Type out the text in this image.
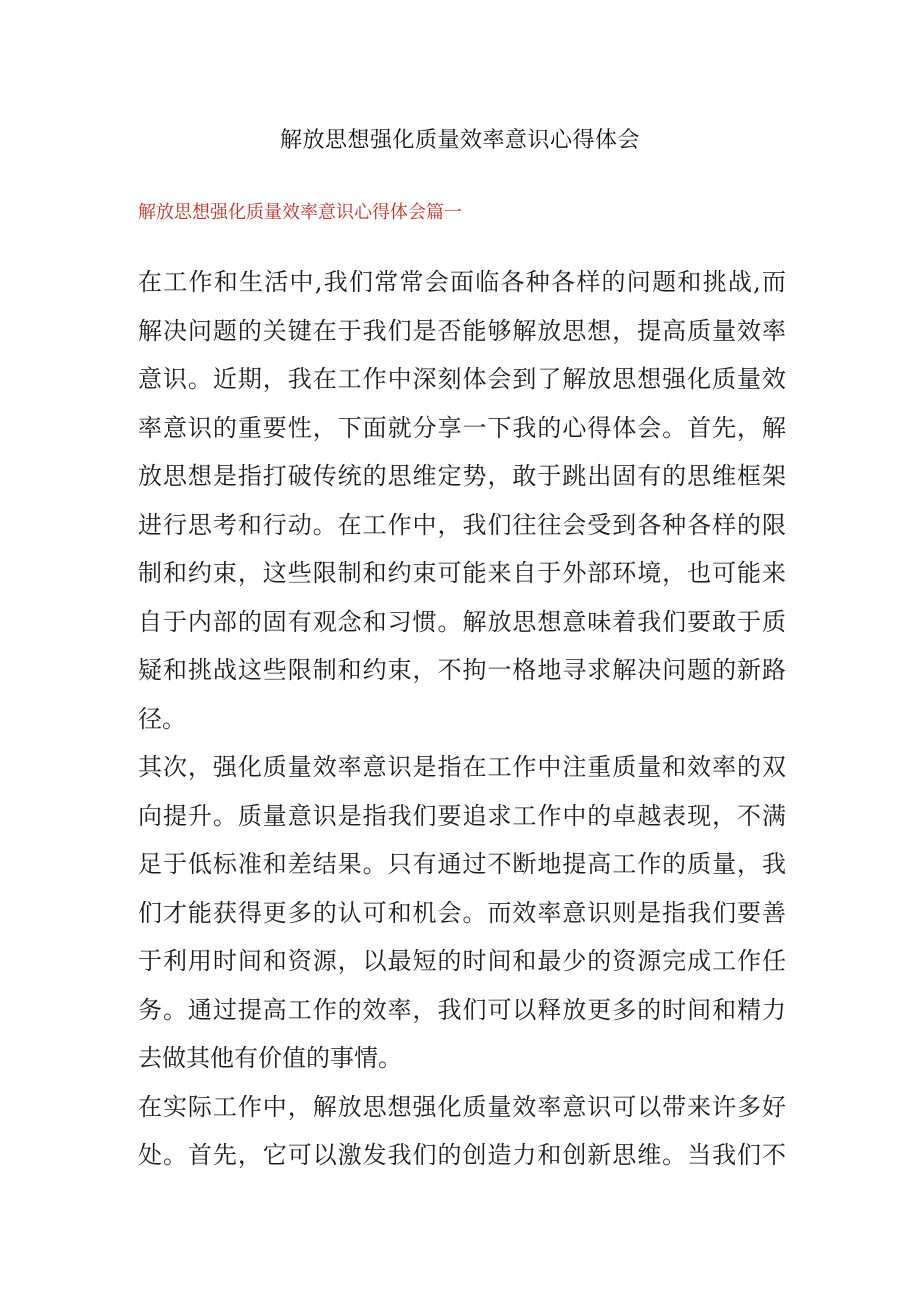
解放思想强化质量效率意识心得体会
解放思想强化质量效率意识心得体会篇一
在工作和生活中,我们常常会面临各种各样的问题和挑战,而
解决问题的关键在于我们是否能够解放思想，提高质量效率
意识。近期，我在工作中深刻体会到了解放思想强化质量效
率意识的重要性，下面就分享一下我的心得体会。首先，解
放思想是指打破传统的思维定势，敢于跳出固有的思维框架
进行思考和行动。在工作中，我们往往会受到各种各样的限
制和约束，这些限制和约束可能来自于外部环境，也可能来
自于内部的固有观念和习惯。解放思想意味着我们要敢于质
疑和挑战这些限制和约束，不拘一格地寻求解决问题的新路
径。
其次，强化质量效率意识是指在工作中注重质量和效率的双
向提升。质量意识是指我们要追求工作中的卓越表现，不满
足于低标准和差结果。只有通过不断地提高工作的质量，我
们才能获得更多的认可和机会。而效率意识则是指我们要善
于利用时间和资源，以最短的时间和最少的资源完成工作任
务。通过提高工作的效率，我们可以释放更多的时间和精力
去做其他有价值的事情。
在实际工作中，解放思想强化质量效率意识可以带来许多好
处。首先，它可以激发我们的创造力和创新思维。当我们不
